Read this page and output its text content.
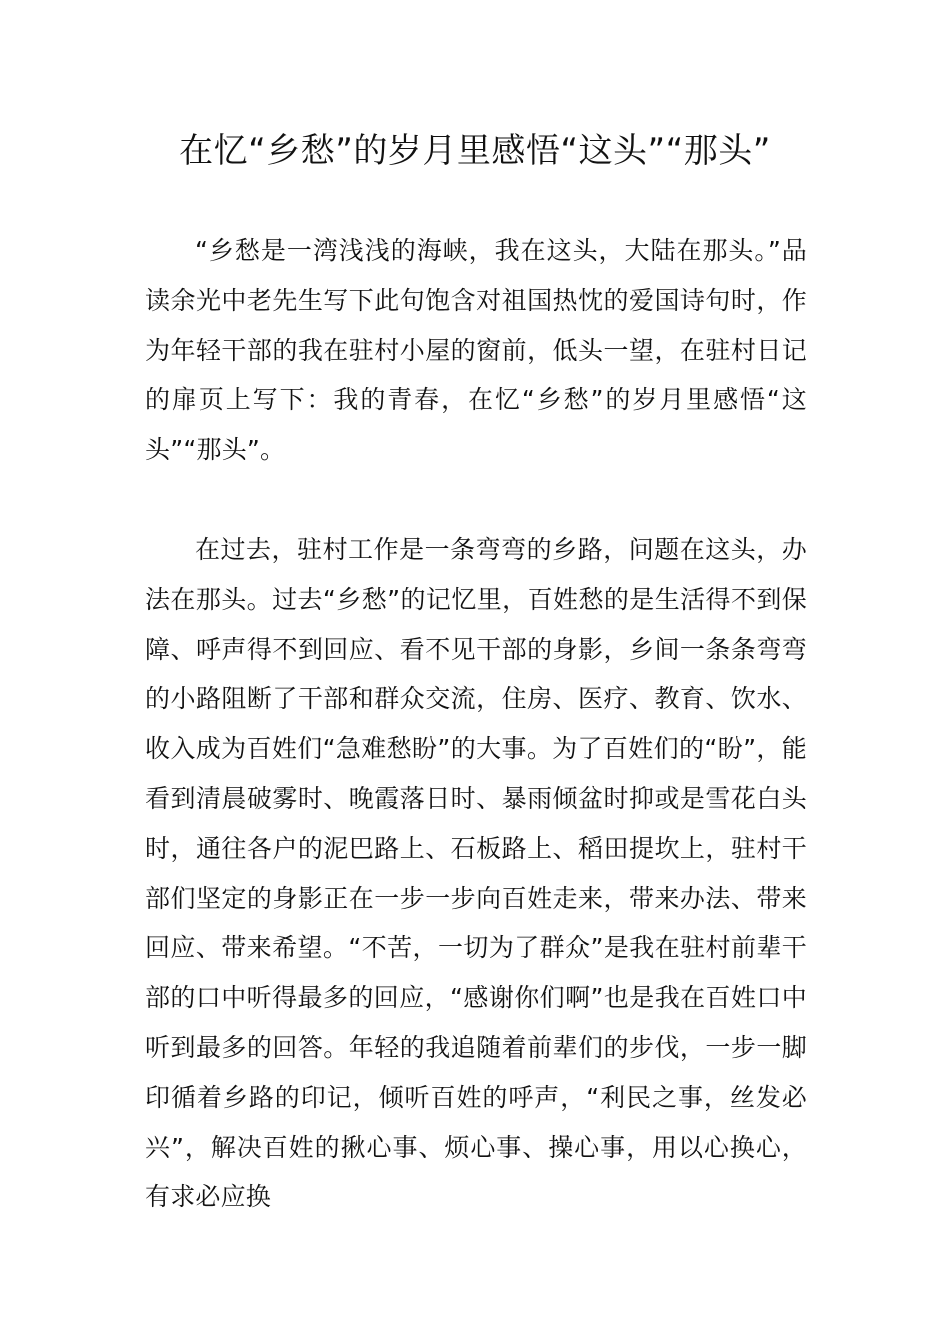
在忆“乡愁”的岁月里感悟“这头”“那头”

“乡愁是一湾浅浅的海峡，我在这头，大陆在那头。”品读余光中老先生写下此句饱含对祖国热忱的爱国诗句时，作为年轻干部的我在驻村小屋的窗前，低头一望，在驻村日记的扉页上写下：我的青春，在忆“乡愁”的岁月里感悟“这头”“那头”。

在过去，驻村工作是一条弯弯的乡路，问题在这头，办法在那头。过去“乡愁”的记忆里，百姓愁的是生活得不到保障、呼声得不到回应、看不见干部的身影，乡间一条条弯弯的小路阻断了干部和群众交流，住房、医疗、教育、饮水、收入成为百姓们“急难愁盼”的大事。为了百姓们的“盼”，能看到清晨破雾时、晚霞落日时、暴雨倾盆时抑或是雪花白头时，通往各户的泥巴路上、石板路上、稻田提坎上，驻村干部们坚定的身影正在一步一步向百姓走来，带来办法、带来回应、带来希望。“不苦，一切为了群众”是我在驻村前辈干部的口中听得最多的回应，“感谢你们啊”也是我在百姓口中听到最多的回答。年轻的我追随着前辈们的步伐，一步一脚印循着乡路的印记，倾听百姓的呼声，“利民之事，丝发必兴”，解决百姓的揪心事、烦心事、操心事，用以心换心，有求必应换
